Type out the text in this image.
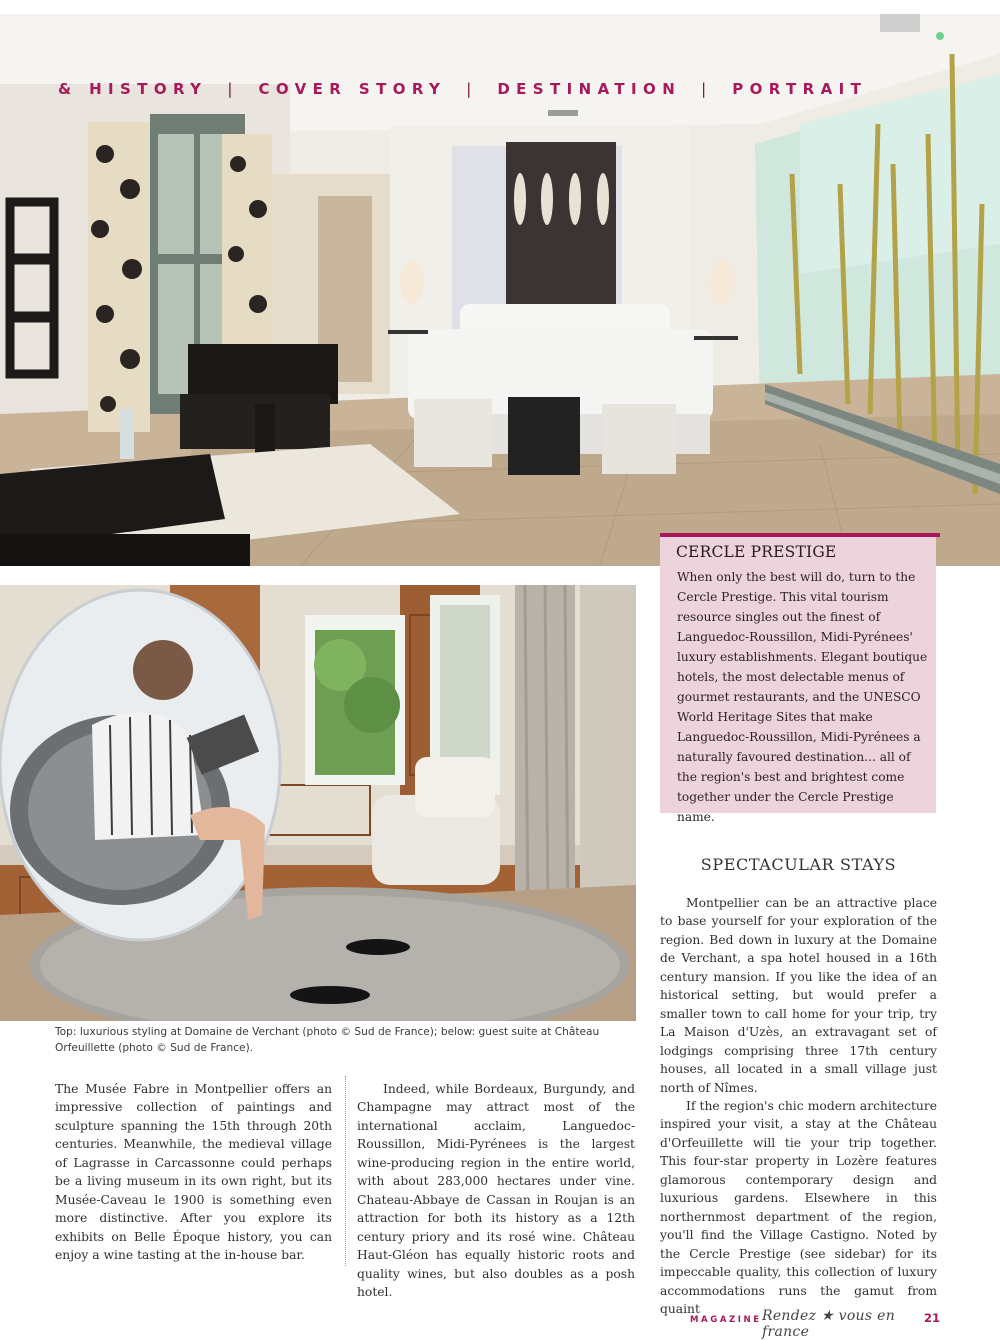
& HISTORY | COVER STORY | DESTINATION | PORTRAIT
Top: luxurious styling at Domaine de Verchant (photo © Sud de France); below: guest suite at Château Orfeuillette (photo © Sud de France).
CERCLE PRESTIGE
When only the best will do, turn to the Cercle Prestige. This vital tourism resource singles out the finest of Languedoc-Roussillon, Midi-Pyrénees' luxury establishments. Elegant boutique hotels, the most delectable menus of gourmet restaurants, and the UNESCO World Heritage Sites that make Languedoc-Roussillon, Midi-Pyrénees a naturally favoured destination... all of the region's best and brightest come together under the Cercle Prestige name.

The Musée Fabre in Montpellier offers an impressive collection of paintings and sculpture spanning the 15th through 20th centuries. Meanwhile, the medieval village of Lagrasse in Carcassonne could perhaps be a living museum in its own right, but its Musée-Caveau le 1900 is something even more distinctive. After you explore its exhibits on Belle Époque history, you can enjoy a wine tasting at the in-house bar.

Indeed, while Bordeaux, Burgundy, and Champagne may attract most of the international acclaim, Languedoc-Roussillon, Midi-Pyrénees is the largest wine-producing region in the entire world, with about 283,000 hectares under vine. Chateau-Abbaye de Cassan in Roujan is an attraction for both its history as a 12th century priory and its rosé wine. Château Haut-Gléon has equally historic roots and quality wines, but also doubles as a posh hotel.

SPECTACULAR STAYS

Montpellier can be an attractive place to base yourself for your exploration of the region. Bed down in luxury at the Domaine de Verchant, a spa hotel housed in a 16th century mansion. If you like the idea of an historical setting, but would prefer a smaller town to call home for your trip, try La Maison d'Uzès, an extravagant set of lodgings comprising three 17th century houses, all located in a small village just north of Nîmes.

If the region's chic modern architecture inspired your visit, a stay at the Château d'Orfeuillette will tie your trip together. This four-star property in Lozère features glamorous contemporary design and luxurious gardens. Elsewhere in this northernmost department of the region, you'll find the Village Castigno. Noted by the Cercle Prestige (see sidebar) for its impeccable quality, this collection of luxury accommodations runs the gamut from quaint

MAGAZINE Rendez ★ vous en france
21
